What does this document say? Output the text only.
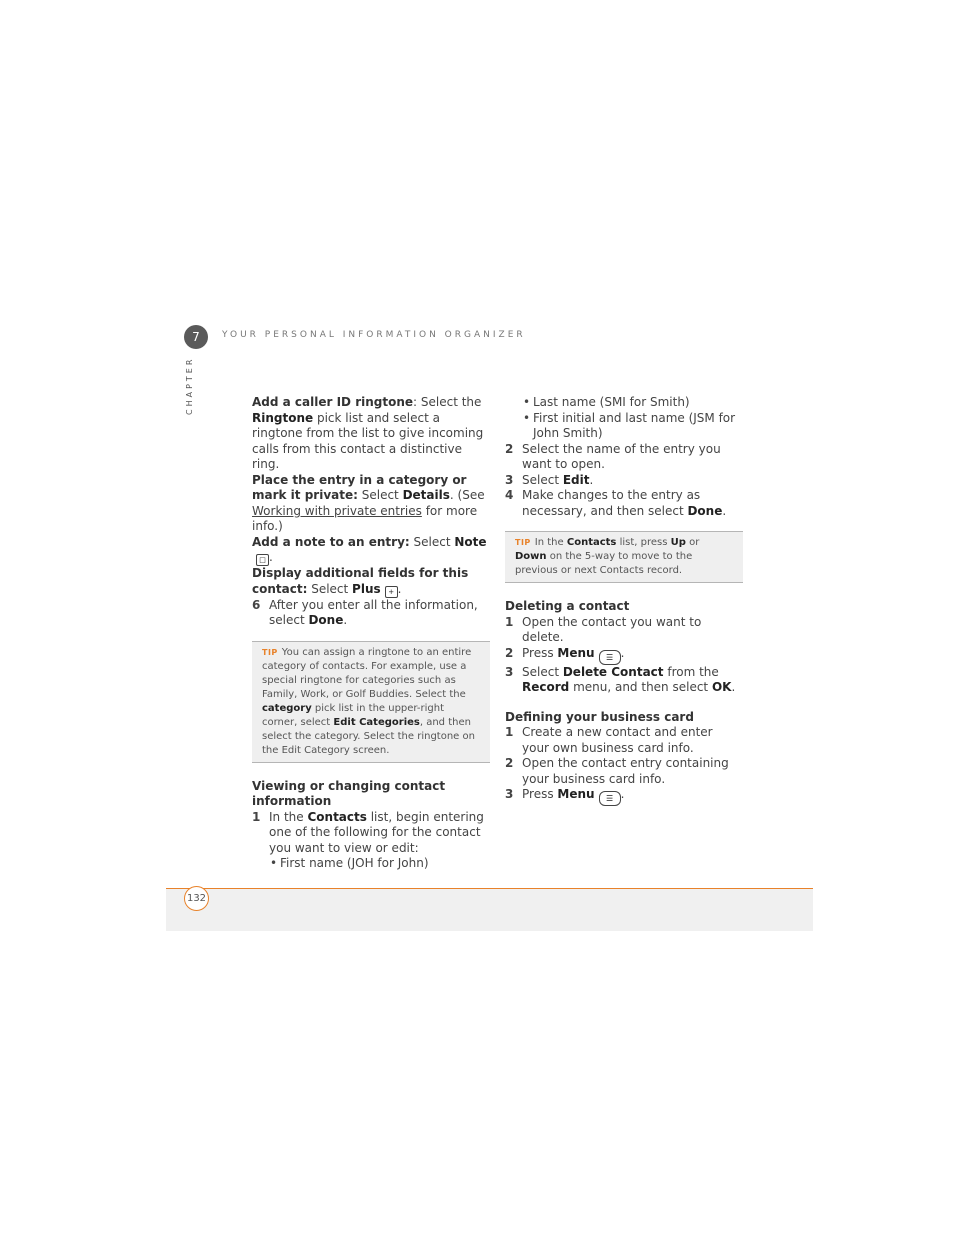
7	YOUR PERSONAL INFORMATION ORGANIZER
CHAPTER	Add a caller ID ringtone: Select the Ringtone pick list and select a ringtone from the list to give incoming calls from this contact a distinctive ring.

Place the entry in a category or mark it private: Select Details. (See Working with private entries for more info.)

Add a note to an entry: Select Note□ .

Display additional fields for this contact: Select Plus + .

6 After you enter all the information, select Done.

TIP You can assign a ringtone to an entire category of contacts. For example, use a special ringtone for categories such as Family, Work, or Golf Buddies. Select the category pick list in the upper-right corner, select Edit Categories, and then select the category. Select the ringtone on the Edit Category screen.

Viewing or changing contact information

1 In the Contacts list, begin entering one of the following for the contact you want to view or edit:

• First name (JOH for John)

• Last name (SMI for Smith)

• First initial and last name (JSM for John Smith)

2 Select the name of the entry you want to open.

3 Select Edit.

4 Make changes to the entry as necessary, and then select Done.

TIP In the Contacts list, press Up or Down on the 5-way to move to the previous or next Contacts record.

Deleting a contact

1 Open the contact you want to delete.

2 Press Menu ☰ .

3 Select Delete Contact from the Record menu, and then select OK.

Defining your business card

1 Create a new contact and enter your own business card info.

2 Open the contact entry containing your business card info.

3 Press Menu ☰ .

132
